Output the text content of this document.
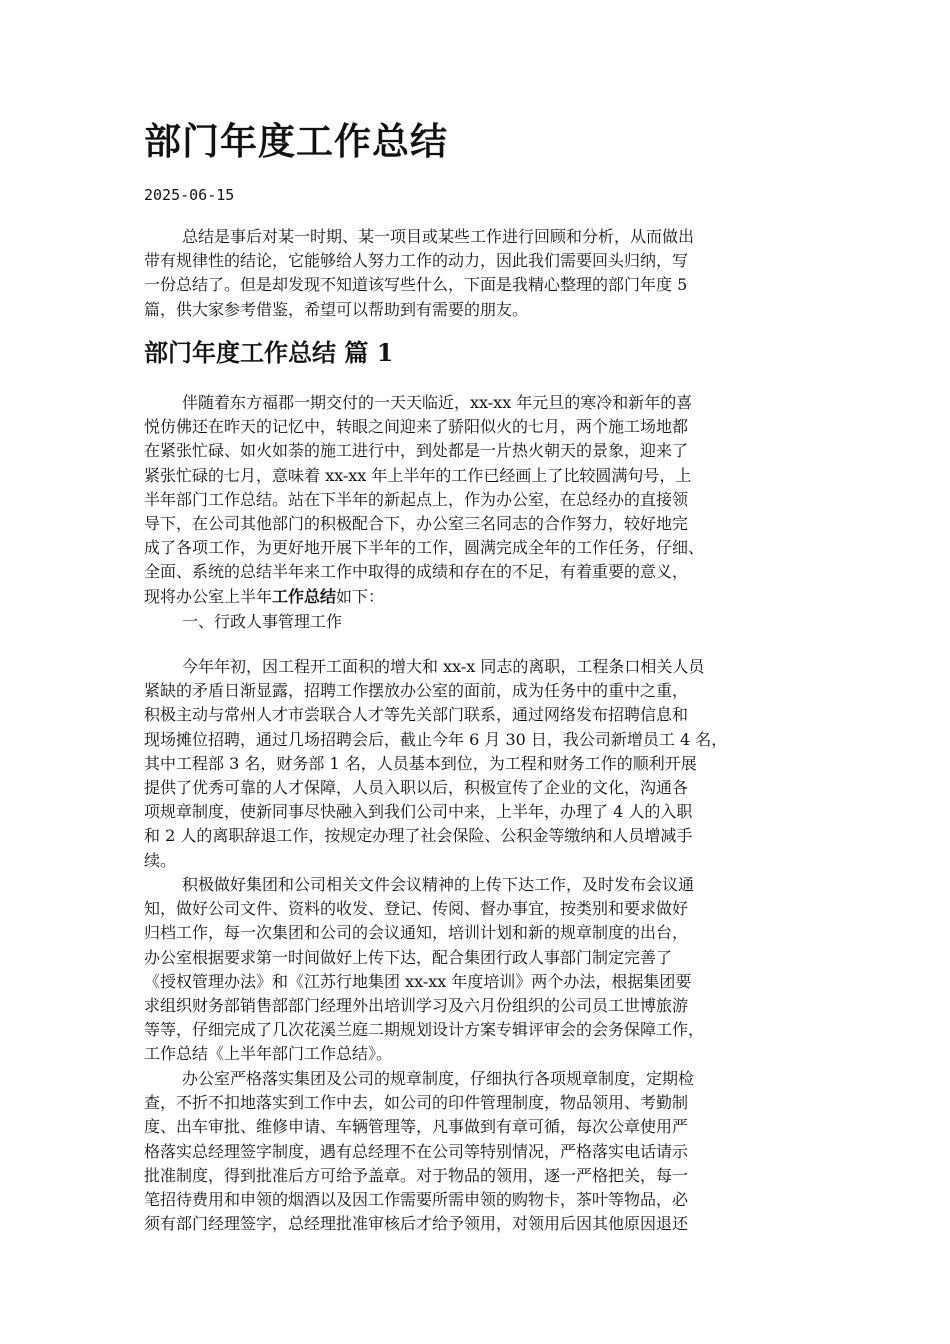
部门年度工作总结
2025-06-15
总结是事后对某一时期、某一项目或某些工作进行回顾和分析，从而做出
带有规律性的结论，它能够给人努力工作的动力，因此我们需要回头归纳，写
一份总结了。但是却发现不知道该写些什么，下面是我精心整理的部门年度 5
篇，供大家参考借鉴，希望可以帮助到有需要的朋友。
部门年度工作总结 篇 1
伴随着东方福郡一期交付的一天天临近，xx-xx 年元旦的寒冷和新年的喜
悦仿佛还在昨天的记忆中，转眼之间迎来了骄阳似火的七月，两个施工场地都
在紧张忙碌、如火如荼的施工进行中，到处都是一片热火朝天的景象，迎来了
紧张忙碌的七月，意味着 xx-xx 年上半年的工作已经画上了比较圆满句号，上
半年部门工作总结。站在下半年的新起点上，作为办公室，在总经办的直接领
导下，在公司其他部门的积极配合下，办公室三名同志的合作努力，较好地完
成了各项工作，为更好地开展下半年的工作，圆满完成全年的工作任务，仔细、
全面、系统的总结半年来工作中取得的成绩和存在的不足，有着重要的意义，
现将办公室上半年工作总结如下：
一、行政人事管理工作
今年年初，因工程开工面积的增大和 xx-x 同志的离职，工程条口相关人员
紧缺的矛盾日渐显露，招聘工作摆放办公室的面前，成为任务中的重中之重，
积极主动与常州人才市尝联合人才等先关部门联系，通过网络发布招聘信息和
现场摊位招聘，通过几场招聘会后，截止今年 6 月 30 日，我公司新增员工 4 名，
其中工程部 3 名，财务部 1 名，人员基本到位，为工程和财务工作的顺利开展
提供了优秀可靠的人才保障，人员入职以后，积极宣传了企业的文化，沟通各
项规章制度，使新同事尽快融入到我们公司中来，上半年，办理了 4 人的入职
和 2 人的离职辞退工作，按规定办理了社会保险、公积金等缴纳和人员增减手
续。
积极做好集团和公司相关文件会议精神的上传下达工作，及时发布会议通
知，做好公司文件、资料的收发、登记、传阅、督办事宜，按类别和要求做好
归档工作，每一次集团和公司的会议通知，培训计划和新的规章制度的出台，
办公室根据要求第一时间做好上传下达，配合集团行政人事部门制定完善了
《授权管理办法》和《江苏行地集团 xx-xx 年度培训》两个办法，根据集团要
求组织财务部销售部部门经理外出培训学习及六月份组织的公司员工世博旅游
等等，仔细完成了几次花溪兰庭二期规划设计方案专辑评审会的会务保障工作，
工作总结《上半年部门工作总结》。
办公室严格落实集团及公司的规章制度，仔细执行各项规章制度，定期检
查，不折不扣地落实到工作中去，如公司的印件管理制度，物品领用、考勤制
度、出车审批、维修申请、车辆管理等，凡事做到有章可循，每次公章使用严
格落实总经理签字制度，遇有总经理不在公司等特别情况，严格落实电话请示
批准制度，得到批准后方可给予盖章。对于物品的领用，逐一严格把关，每一
笔招待费用和申领的烟酒以及因工作需要所需申领的购物卡，茶叶等物品，必
须有部门经理签字，总经理批准审核后才给予领用，对领用后因其他原因退还
